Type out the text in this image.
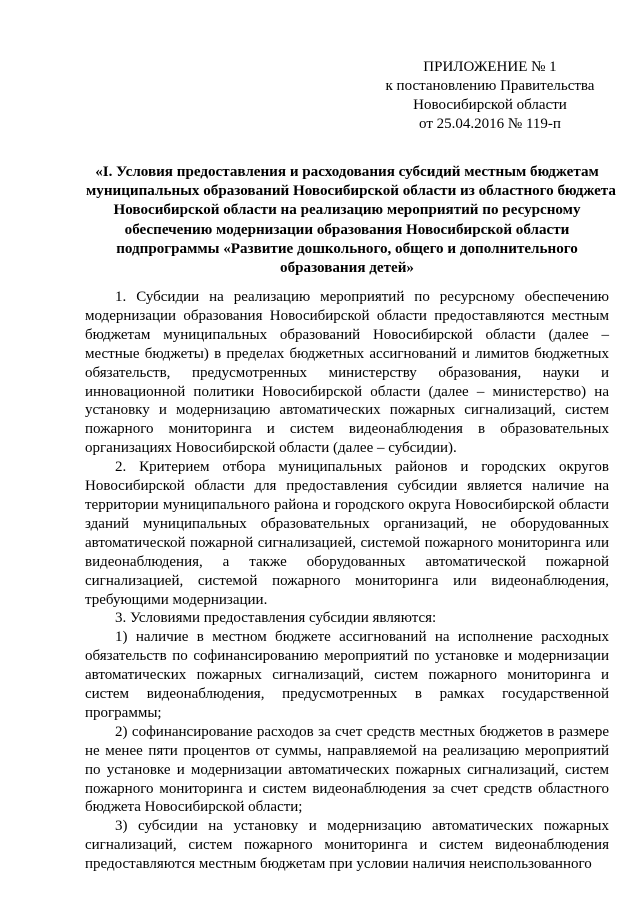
ПРИЛОЖЕНИЕ № 1
к постановлению Правительства
Новосибирской области
от 25.04.2016 № 119-п
«I. Условия предоставления и расходования субсидий местным бюджетам
муниципальных образований Новосибирской области из областного бюджета
Новосибирской области на реализацию мероприятий по ресурсному
обеспечению модернизации образования Новосибирской области
подпрограммы «Развитие дошкольного, общего и дополнительного
образования детей»

1. Субсидии на реализацию мероприятий по ресурсному обеспечению модернизации образования Новосибирской области предоставляются местным бюджетам муниципальных образований Новосибирской области (далее – местные бюджеты) в пределах бюджетных ассигнований и лимитов бюджетных обязательств, предусмотренных министерству образования, науки и инновационной политики Новосибирской области (далее – министерство) на установку и модернизацию автоматических пожарных сигнализаций, систем пожарного мониторинга и систем видеонаблюдения в образовательных организациях Новосибирской области (далее – субсидии).

2. Критерием отбора муниципальных районов и городских округов Новосибирской области для предоставления субсидии является наличие на территории муниципального района и городского округа Новосибирской области зданий муниципальных образовательных организаций, не оборудованных автоматической пожарной сигнализацией, системой пожарного мониторинга или видеонаблюдения, а также оборудованных автоматической пожарной сигнализацией, системой пожарного мониторинга или видеонаблюдения, требующими модернизации.

3. Условиями предоставления субсидии являются:

1) наличие в местном бюджете ассигнований на исполнение расходных обязательств по софинансированию мероприятий по установке и модернизации автоматических пожарных сигнализаций, систем пожарного мониторинга и систем видеонаблюдения, предусмотренных в рамках государственной программы;

2) софинансирование расходов за счет средств местных бюджетов в размере не менее пяти процентов от суммы, направляемой на реализацию мероприятий по установке и модернизации автоматических пожарных сигнализаций, систем пожарного мониторинга и систем видеонаблюдения за счет средств областного бюджета Новосибирской области;

3) субсидии на установку и модернизацию автоматических пожарных сигнализаций, систем пожарного мониторинга и систем видеонаблюдения предоставляются местным бюджетам при условии наличия неиспользованного
